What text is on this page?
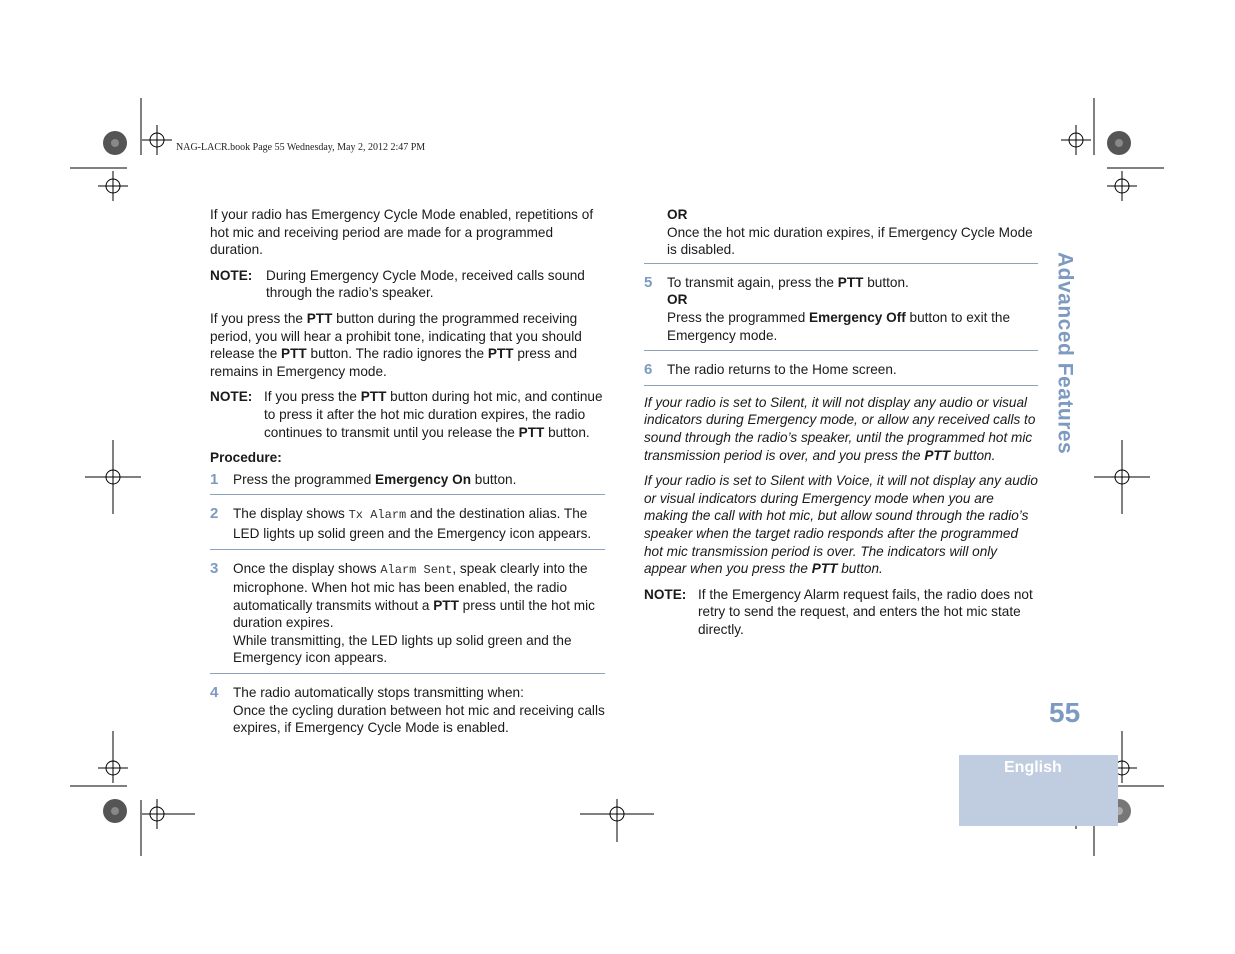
NAG-LACR.book Page 55 Wednesday, May 2, 2012 2:47 PM
English
Advanced Features
55

If your radio has Emergency Cycle Mode enabled, repetitions of hot mic and receiving period are made for a programmed duration.

NOTE:	During Emergency Cycle Mode, received calls sound through the radio’s speaker.

If you press the PTT button during the programmed receiving period, you will hear a prohibit tone, indicating that you should release the PTT button. The radio ignores the PTT press and remains in Emergency mode.

NOTE: If you press the PTT button during hot mic, and continue to press it after the hot mic duration expires, the radio continues to transmit until you release the PTT button.
Procedure:
1	Press the programmed Emergency On button.
2	The display shows Tx Alarm and the destination alias. The LED lights up solid green and the Emergency icon appears.
3	Once the display shows Alarm Sent, speak clearly into the microphone. When hot mic has been enabled, the radio automatically transmits without a PTT press until the hot mic duration expires.
While transmitting, the LED lights up solid green and the Emergency icon appears.
4	The radio automatically stops transmitting when:
Once the cycling duration between hot mic and receiving calls expires, if Emergency Cycle Mode is enabled.
OR
Once the hot mic duration expires, if Emergency Cycle Mode is disabled.
5	To transmit again, press the PTT button.
OR
Press the programmed Emergency Off button to exit the Emergency mode.
6	The radio returns to the Home screen.

If your radio is set to Silent, it will not display any audio or visual indicators during Emergency mode, or allow any received calls to sound through the radio’s speaker, until the programmed hot mic transmission period is over, and you press the PTT button.

If your radio is set to Silent with Voice, it will not display any audio or visual indicators during Emergency mode when you are making the call with hot mic, but allow sound through the radio’s speaker when the target radio responds after the programmed hot mic transmission period is over. The indicators will only appear when you press the PTT button.

NOTE: If the Emergency Alarm request fails, the radio does not retry to send the request, and enters the hot mic state directly.
